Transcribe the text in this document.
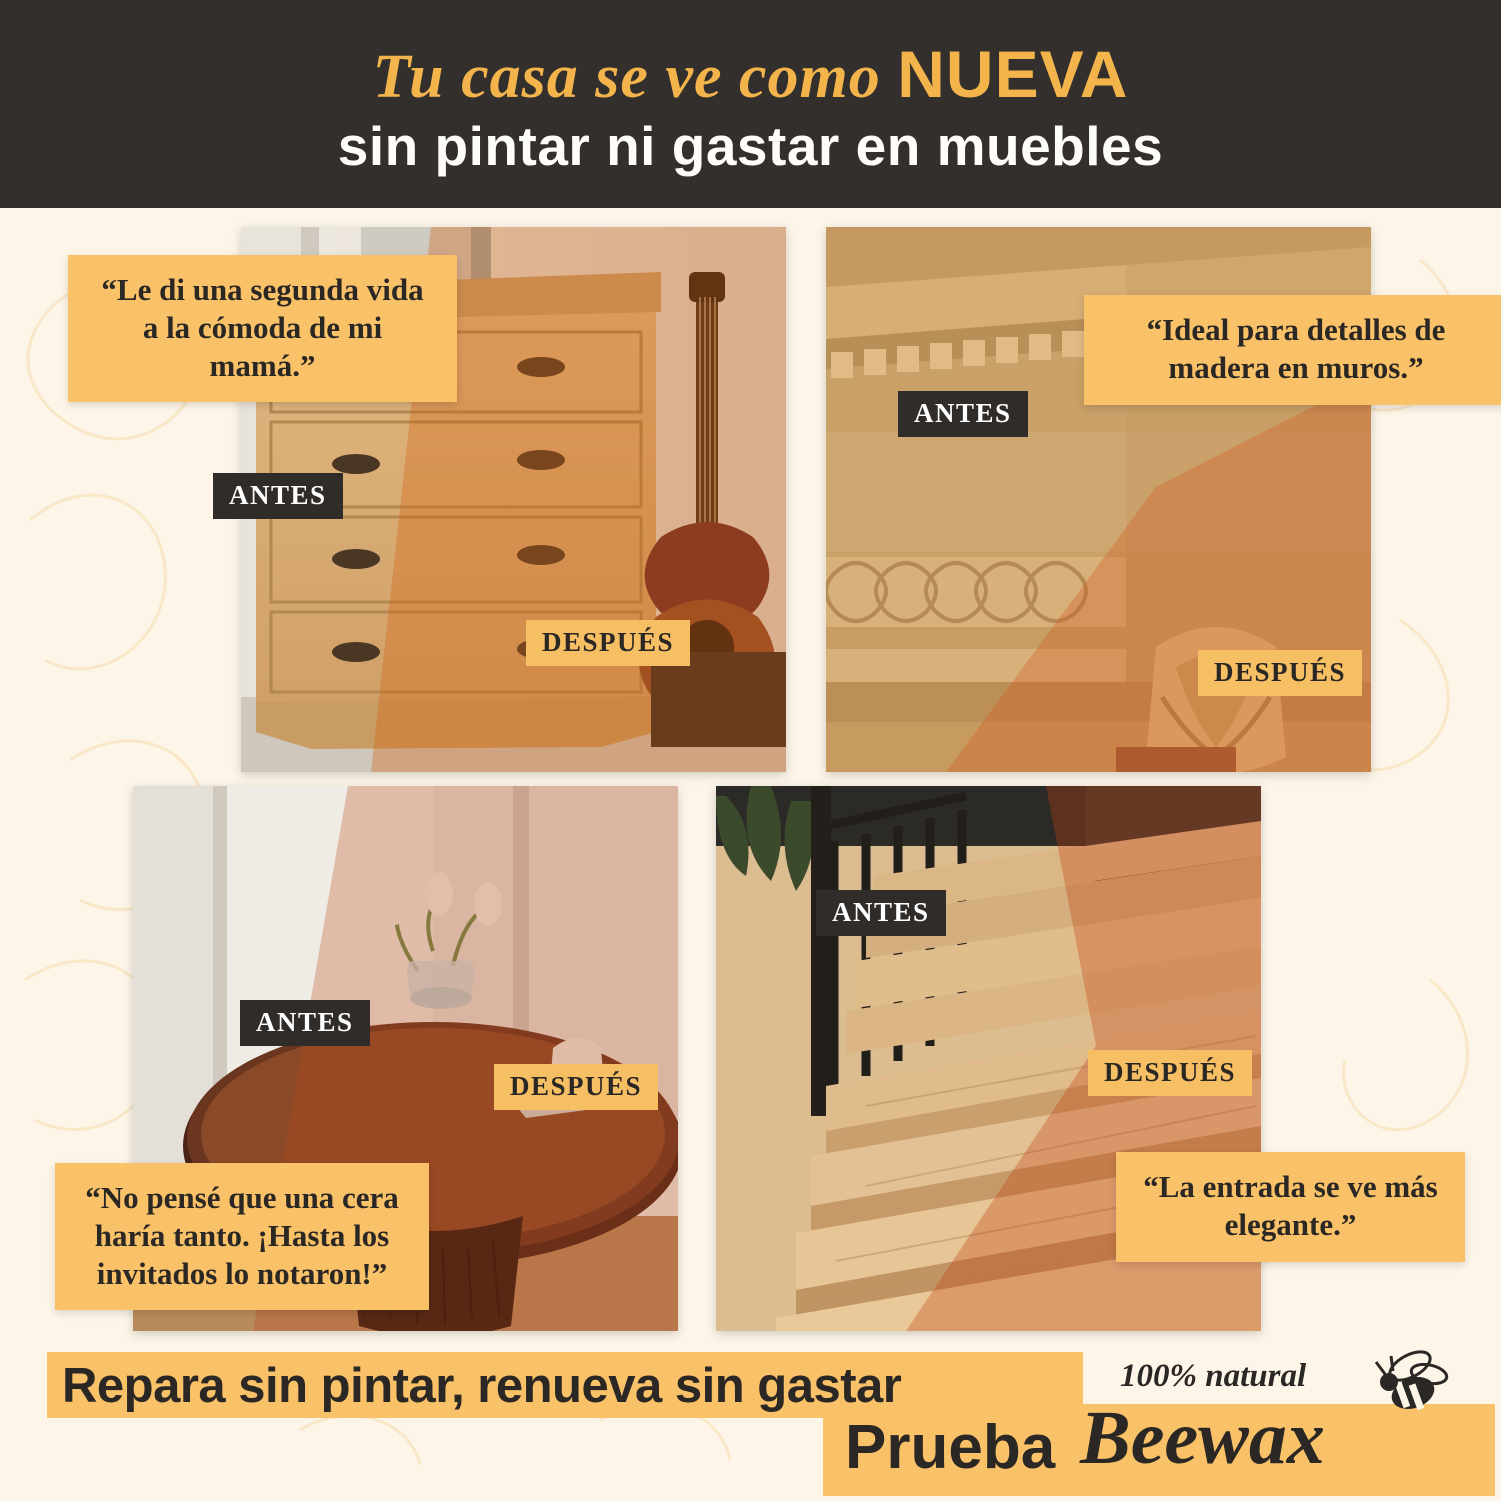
Tu casa se ve como NUEVA
sin pintar ni gastar en muebles
“Le di una segunda vida a la cómoda de mi mamá.”
ANTES
DESPUÉS
“Ideal para detalles de madera en muros.”
ANTES
DESPUÉS
ANTES
DESPUÉS
“No pensé que una cera haría tanto. ¡Hasta los invitados lo notaron!”
ANTES
DESPUÉS
“La entrada se ve más elegante.”
Repara sin pintar, renueva sin gastar
Prueba Beewax
100% natural
